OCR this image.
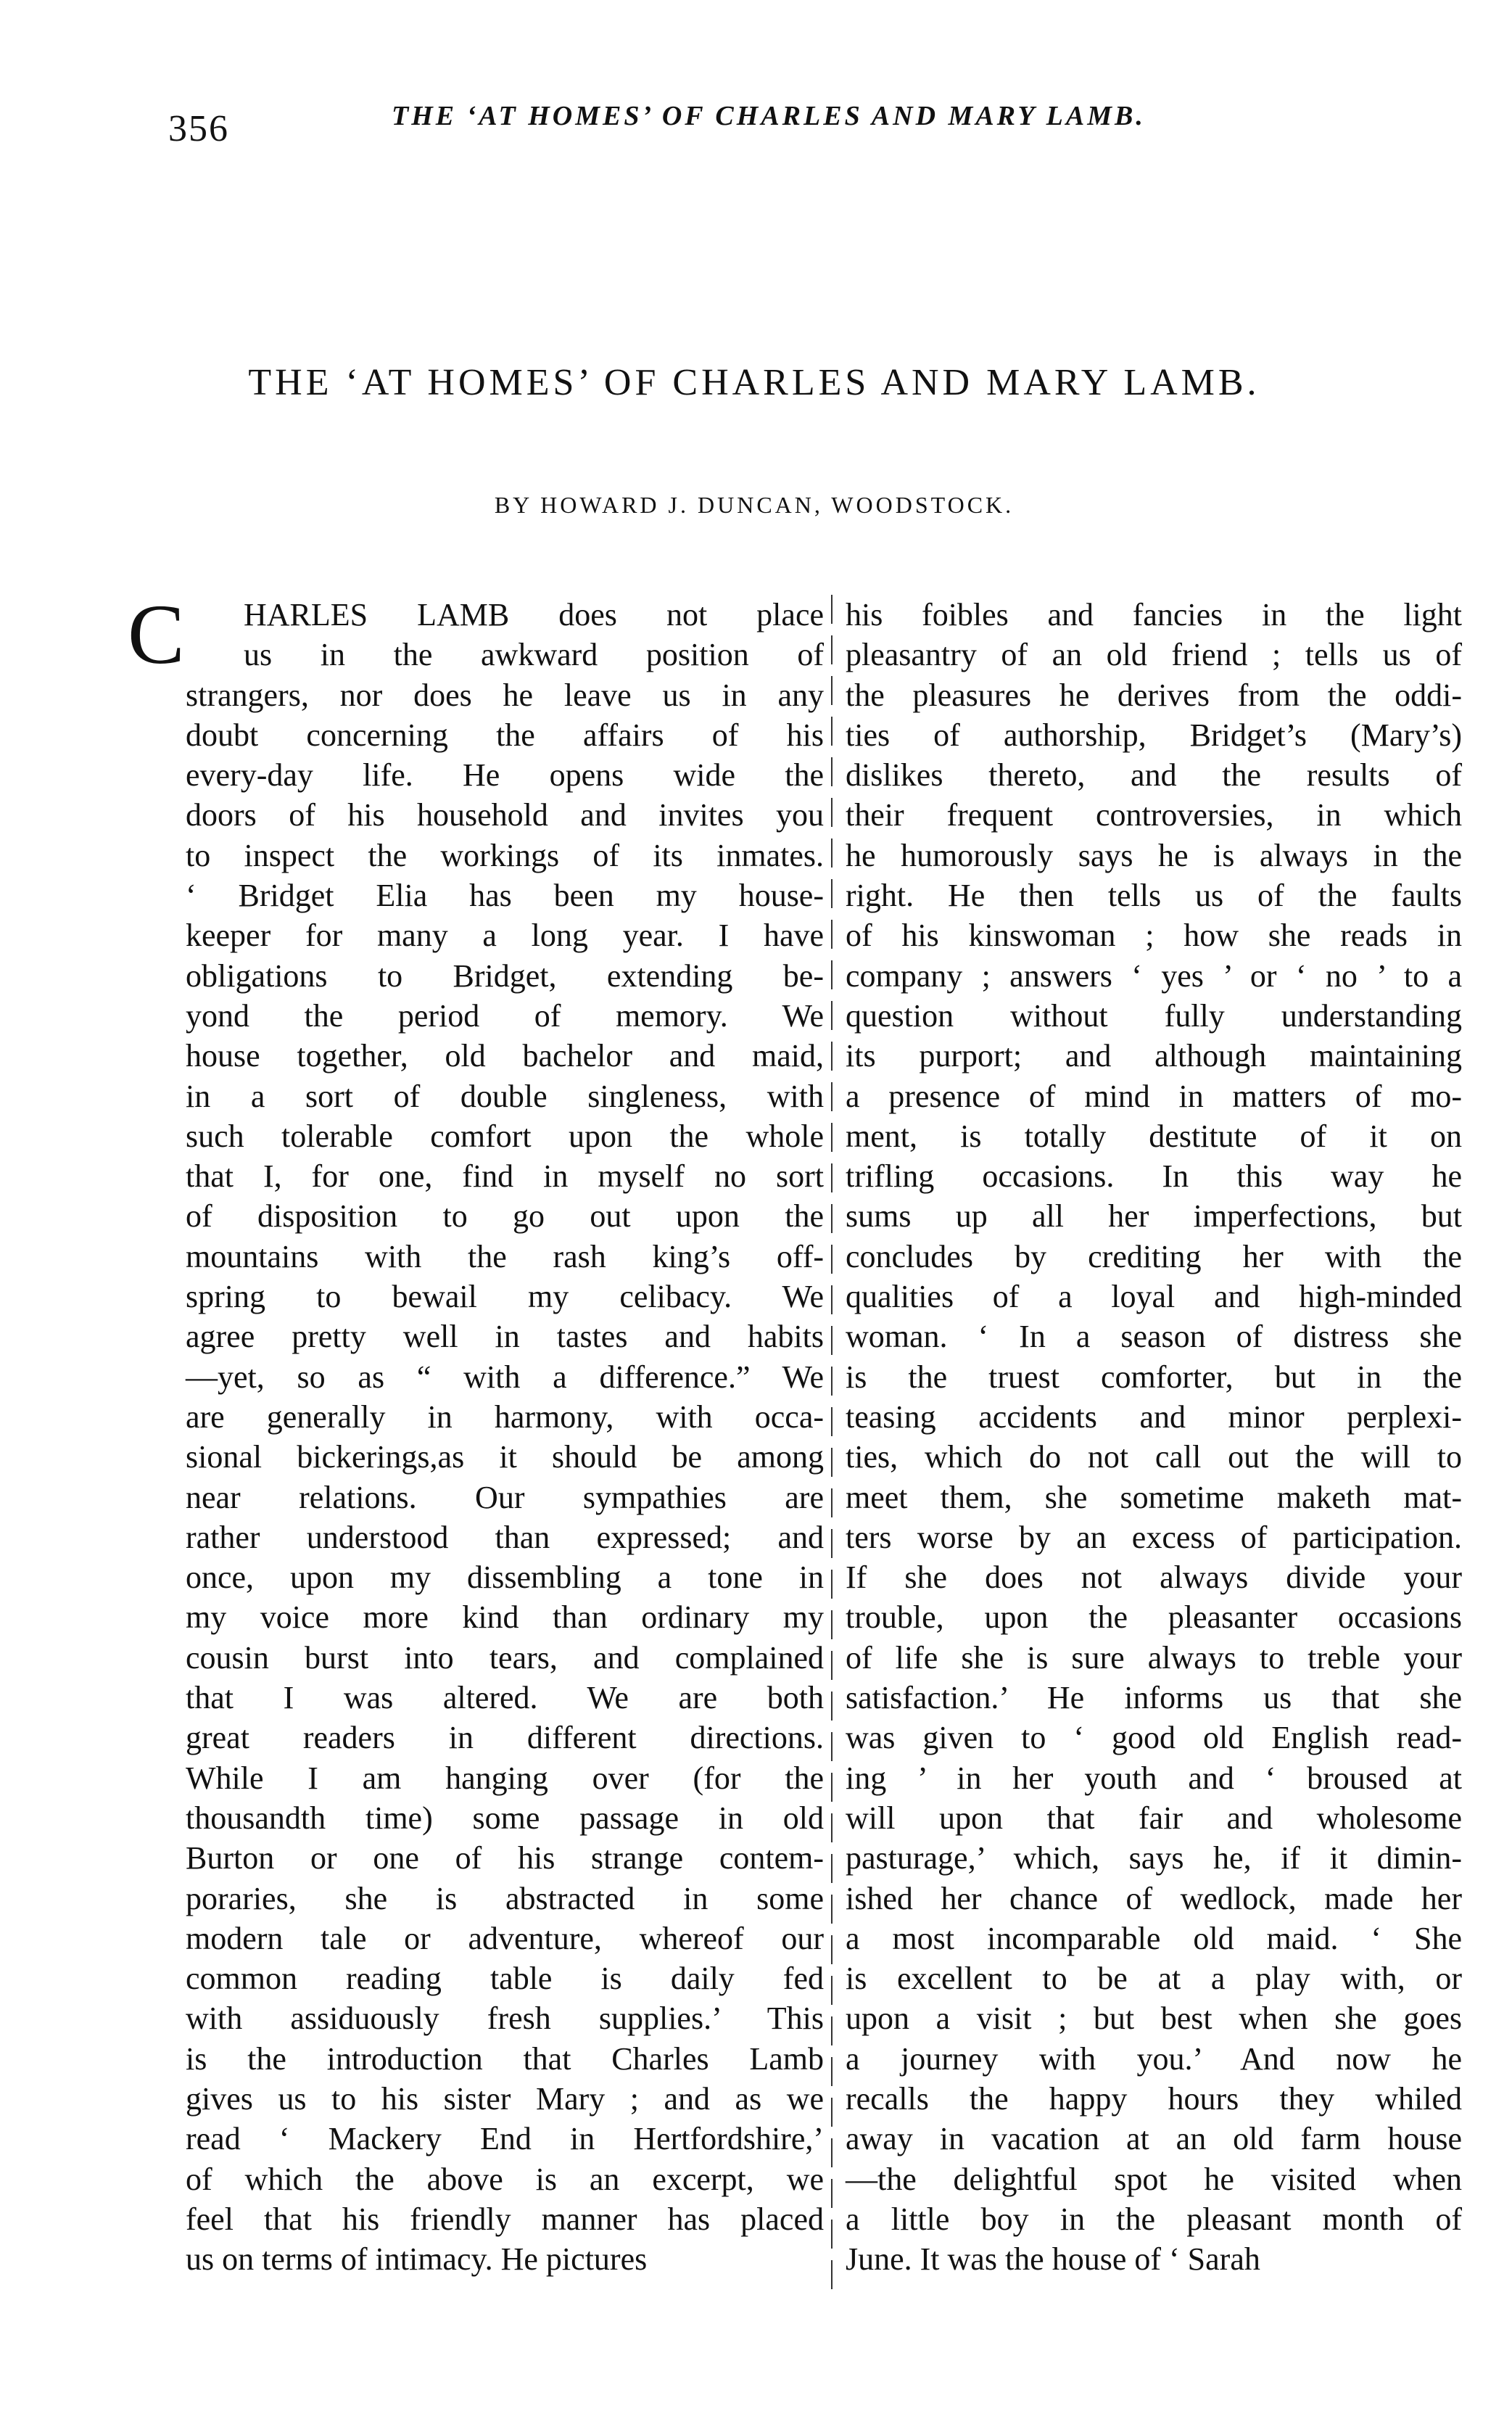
356	THE ‘AT HOMES’ OF CHARLES AND MARY LAMB.
THE ‘AT HOMES’ OF CHARLES AND MARY LAMB.
BY HOWARD J. DUNCAN, WOODSTOCK.
C HARLES LAMB does not place
us in the awkward position of
strangers, nor does he leave us in any
doubt concerning the affairs of his
every-day life. He opens wide the
doors of his household and invites you
to inspect the workings of its inmates.
‘ Bridget Elia has been my house-
keeper for many a long year. I have
obligations to Bridget, extending be-
yond the period of memory. We
house together, old bachelor and maid,
in a sort of double singleness, with
such tolerable comfort upon the whole
that I, for one, find in myself no sort
of disposition to go out upon the
mountains with the rash king’s off-
spring to bewail my celibacy. We
agree pretty well in tastes and habits
—yet, so as “ with a difference.” We
are generally in harmony, with occa-
sional bickerings,as it should be among
near relations. Our sympathies are
rather understood than expressed; and
once, upon my dissembling a tone in
my voice more kind than ordinary my
cousin burst into tears, and complained
that I was altered. We are both
great readers in different directions.
While I am hanging over (for the
thousandth time) some passage in old
Burton or one of his strange contem-
poraries, she is abstracted in some
modern tale or adventure, whereof our
common reading table is daily fed
with assiduously fresh supplies.’ This
is the introduction that Charles Lamb
gives us to his sister Mary ; and as we
read ‘ Mackery End in Hertfordshire,’
of which the above is an excerpt, we
feel that his friendly manner has placed
us on terms of intimacy. He pictures
his foibles and fancies in the light
pleasantry of an old friend ; tells us of
the pleasures he derives from the oddi-
ties of authorship, Bridget’s (Mary’s)
dislikes thereto, and the results of
their frequent controversies, in which
he humorously says he is always in the
right. He then tells us of the faults
of his kinswoman ; how she reads in
company ; answers ‘ yes ’ or ‘ no ’ to a
question without fully understanding
its purport; and although maintaining
a presence of mind in matters of mo-
ment, is totally destitute of it on
trifling occasions. In this way he
sums up all her imperfections, but
concludes by crediting her with the
qualities of a loyal and high-minded
woman. ‘ In a season of distress she
is the truest comforter, but in the
teasing accidents and minor perplexi-
ties, which do not call out the will to
meet them, she sometime maketh mat-
ters worse by an excess of participation.
If she does not always divide your
trouble, upon the pleasanter occasions
of life she is sure always to treble your
satisfaction.’ He informs us that she
was given to ‘ good old English read-
ing ’ in her youth and ‘ broused at
will upon that fair and wholesome
pasturage,’ which, says he, if it dimin-
ished her chance of wedlock, made her
a most incomparable old maid. ‘ She
is excellent to be at a play with, or
upon a visit ; but best when she goes
a journey with you.’ And now he
recalls the happy hours they whiled
away in vacation at an old farm house
—the delightful spot he visited when
a little boy in the pleasant month of
June. It was the house of ‘ Sarah
